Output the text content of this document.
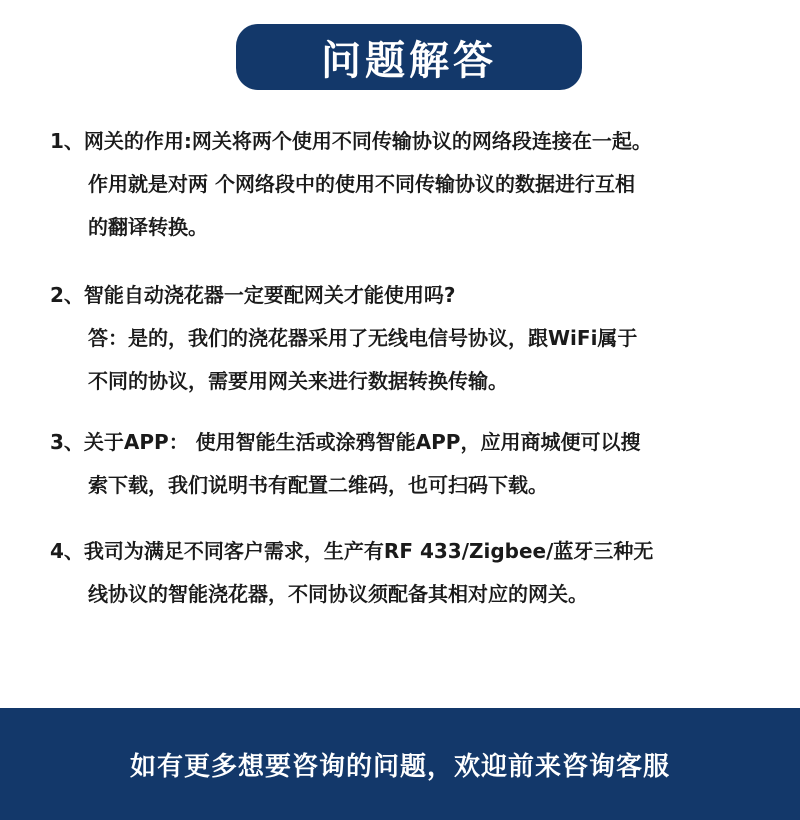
问题解答
1、网关的作用:网关将两个使用不同传输协议的网络段连接在一起。
作用就是对两 个网络段中的使用不同传输协议的数据进行互相
的翻译转换。
2、智能自动浇花器一定要配网关才能使用吗?
答：是的，我们的浇花器采用了无线电信号协议，跟WiFi属于
不同的协议，需要用网关来进行数据转换传输。
3、关于APP： 使用智能生活或涂鸦智能APP，应用商城便可以搜
索下载，我们说明书有配置二维码，也可扫码下载。
4、我司为满足不同客户需求，生产有RF 433/Zigbee/蓝牙三种无
线协议的智能浇花器，不同协议须配备其相对应的网关。
如有更多想要咨询的问题，欢迎前来咨询客服
